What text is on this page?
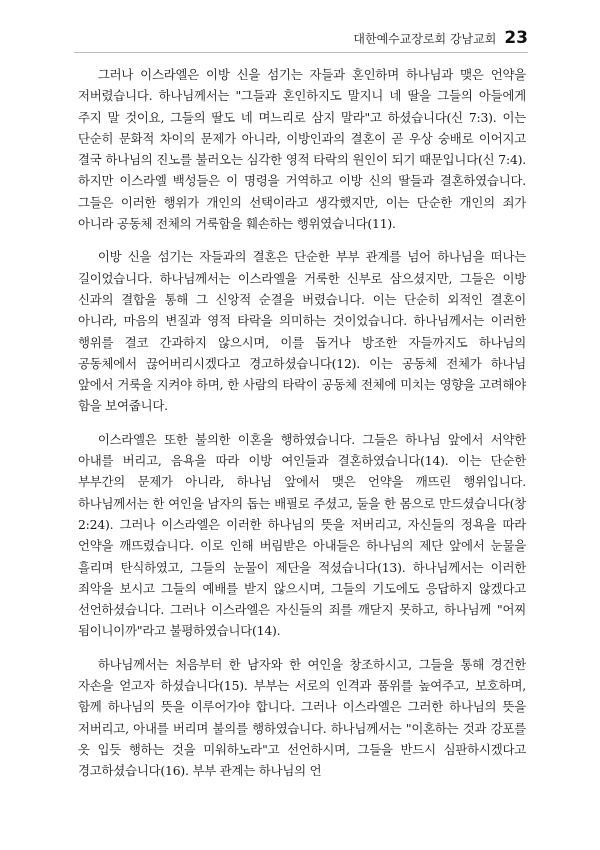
대한예수교장로회 강남교회 23

그러나 이스라엘은 이방 신을 섬기는 자들과 혼인하며 하나님과 맺은 언약을 저버렸습니다. 하나님께서는 "그들과 혼인하지도 말지니 네 딸을 그들의 아들에게 주지 말 것이요, 그들의 딸도 네 며느리로 삼지 말라"고 하셨습니다(신 7:3). 이는 단순히 문화적 차이의 문제가 아니라, 이방인과의 결혼이 곧 우상 숭배로 이어지고 결국 하나님의 진노를 불러오는 심각한 영적 타락의 원인이 되기 때문입니다(신 7:4). 하지만 이스라엘 백성들은 이 명령을 거역하고 이방 신의 딸들과 결혼하였습니다. 그들은 이러한 행위가 개인의 선택이라고 생각했지만, 이는 단순한 개인의 죄가 아니라 공동체 전체의 거룩함을 훼손하는 행위였습니다(11).

이방 신을 섬기는 자들과의 결혼은 단순한 부부 관계를 넘어 하나님을 떠나는 길이었습니다. 하나님께서는 이스라엘을 거룩한 신부로 삼으셨지만, 그들은 이방 신과의 결합을 통해 그 신앙적 순결을 버렸습니다. 이는 단순히 외적인 결혼이 아니라, 마음의 변질과 영적 타락을 의미하는 것이었습니다. 하나님께서는 이러한 행위를 결코 간과하지 않으시며, 이를 돕거나 방조한 자들까지도 하나님의 공동체에서 끊어버리시겠다고 경고하셨습니다(12). 이는 공동체 전체가 하나님 앞에서 거룩을 지켜야 하며, 한 사람의 타락이 공동체 전체에 미치는 영향을 고려해야 함을 보여줍니다.

이스라엘은 또한 불의한 이혼을 행하였습니다. 그들은 하나님 앞에서 서약한 아내를 버리고, 음욕을 따라 이방 여인들과 결혼하였습니다(14). 이는 단순한 부부간의 문제가 아니라, 하나님 앞에서 맺은 언약을 깨뜨린 행위입니다. 하나님께서는 한 여인을 남자의 돕는 배필로 주셨고, 둘을 한 몸으로 만드셨습니다(창 2:24). 그러나 이스라엘은 이러한 하나님의 뜻을 저버리고, 자신들의 정욕을 따라 언약을 깨뜨렸습니다. 이로 인해 버림받은 아내들은 하나님의 제단 앞에서 눈물을 흘리며 탄식하였고, 그들의 눈물이 제단을 적셨습니다(13). 하나님께서는 이러한 죄악을 보시고 그들의 예배를 받지 않으시며, 그들의 기도에도 응답하지 않겠다고 선언하셨습니다. 그러나 이스라엘은 자신들의 죄를 깨닫지 못하고, 하나님께 "어찌 됨이니이까"라고 불평하였습니다(14).

하나님께서는 처음부터 한 남자와 한 여인을 창조하시고, 그들을 통해 경건한 자손을 얻고자 하셨습니다(15). 부부는 서로의 인격과 품위를 높여주고, 보호하며, 함께 하나님의 뜻을 이루어가야 합니다. 그러나 이스라엘은 그러한 하나님의 뜻을 저버리고, 아내를 버리며 불의를 행하였습니다. 하나님께서는 "이혼하는 것과 강포를 옷 입듯 행하는 것을 미워하노라"고 선언하시며, 그들을 반드시 심판하시겠다고 경고하셨습니다(16). 부부 관계는 하나님의 언
